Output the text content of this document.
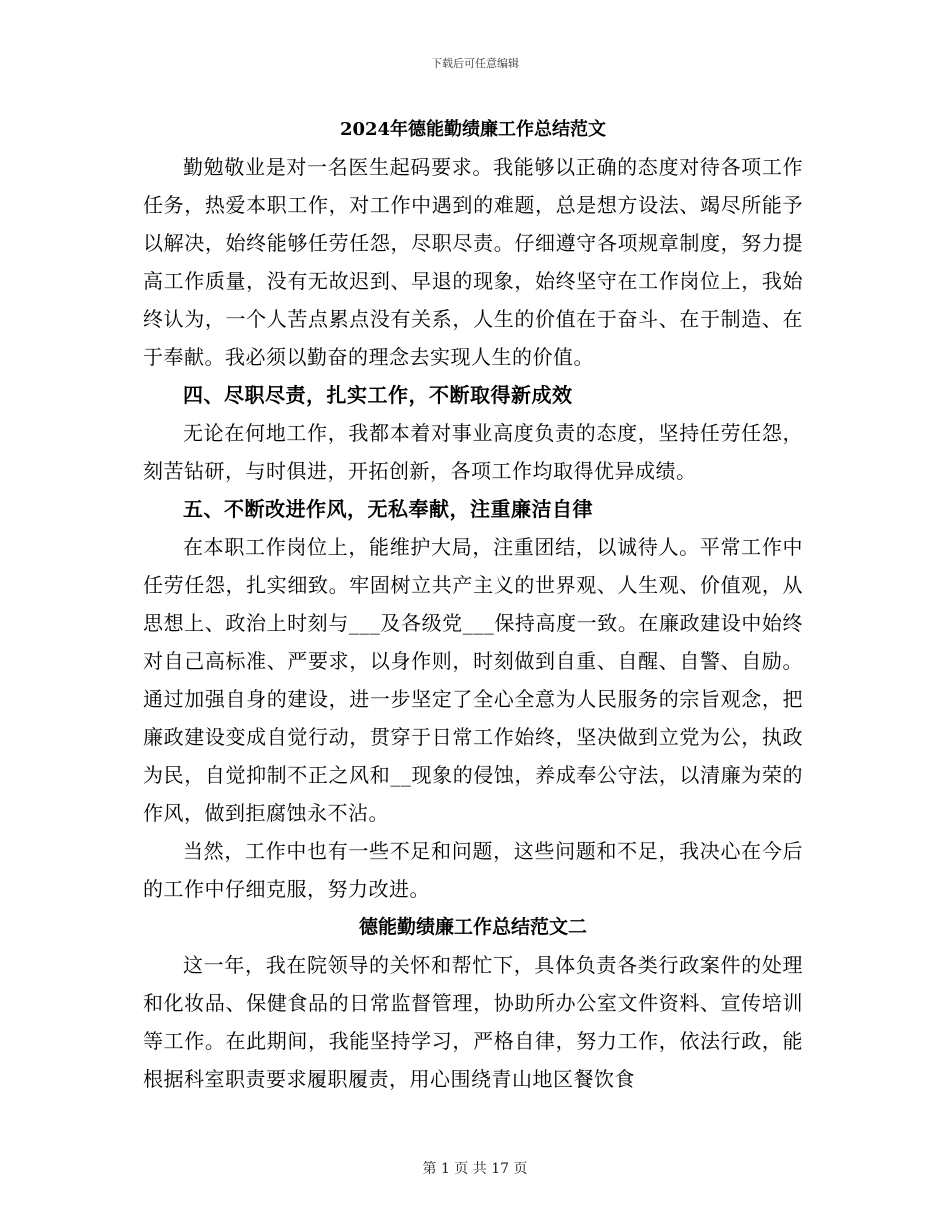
下载后可任意编辑

2024年德能勤绩廉工作总结范文

勤勉敬业是对一名医生起码要求。我能够以正确的态度对待各项工作任务，热爱本职工作，对工作中遇到的难题，总是想方设法、竭尽所能予以解决，始终能够任劳任怨，尽职尽责。仔细遵守各项规章制度，努力提高工作质量，没有无故迟到、早退的现象，始终坚守在工作岗位上，我始终认为，一个人苦点累点没有关系，人生的价值在于奋斗、在于制造、在于奉献。我必须以勤奋的理念去实现人生的价值。

四、尽职尽责，扎实工作，不断取得新成效

无论在何地工作，我都本着对事业高度负责的态度，坚持任劳任怨，刻苦钻研，与时俱进，开拓创新，各项工作均取得优异成绩。

五、不断改进作风，无私奉献，注重廉洁自律

在本职工作岗位上，能维护大局，注重团结，以诚待人。平常工作中任劳任怨，扎实细致。牢固树立共产主义的世界观、人生观、价值观，从思想上、政治上时刻与___及各级党___保持高度一致。在廉政建设中始终对自己高标准、严要求，以身作则，时刻做到自重、自醒、自警、自励。通过加强自身的建设，进一步坚定了全心全意为人民服务的宗旨观念，把廉政建设变成自觉行动，贯穿于日常工作始终，坚决做到立党为公，执政为民，自觉抑制不正之风和__现象的侵蚀，养成奉公守法，以清廉为荣的作风，做到拒腐蚀永不沾。

当然，工作中也有一些不足和问题，这些问题和不足，我决心在今后的工作中仔细克服，努力改进。

德能勤绩廉工作总结范文二

这一年，我在院领导的关怀和帮忙下，具体负责各类行政案件的处理和化妆品、保健食品的日常监督管理，协助所办公室文件资料、宣传培训等工作。在此期间，我能坚持学习，严格自律，努力工作，依法行政，能根据科室职责要求履职履责，用心围绕青山地区餐饮食

第 1 页 共 17 页
